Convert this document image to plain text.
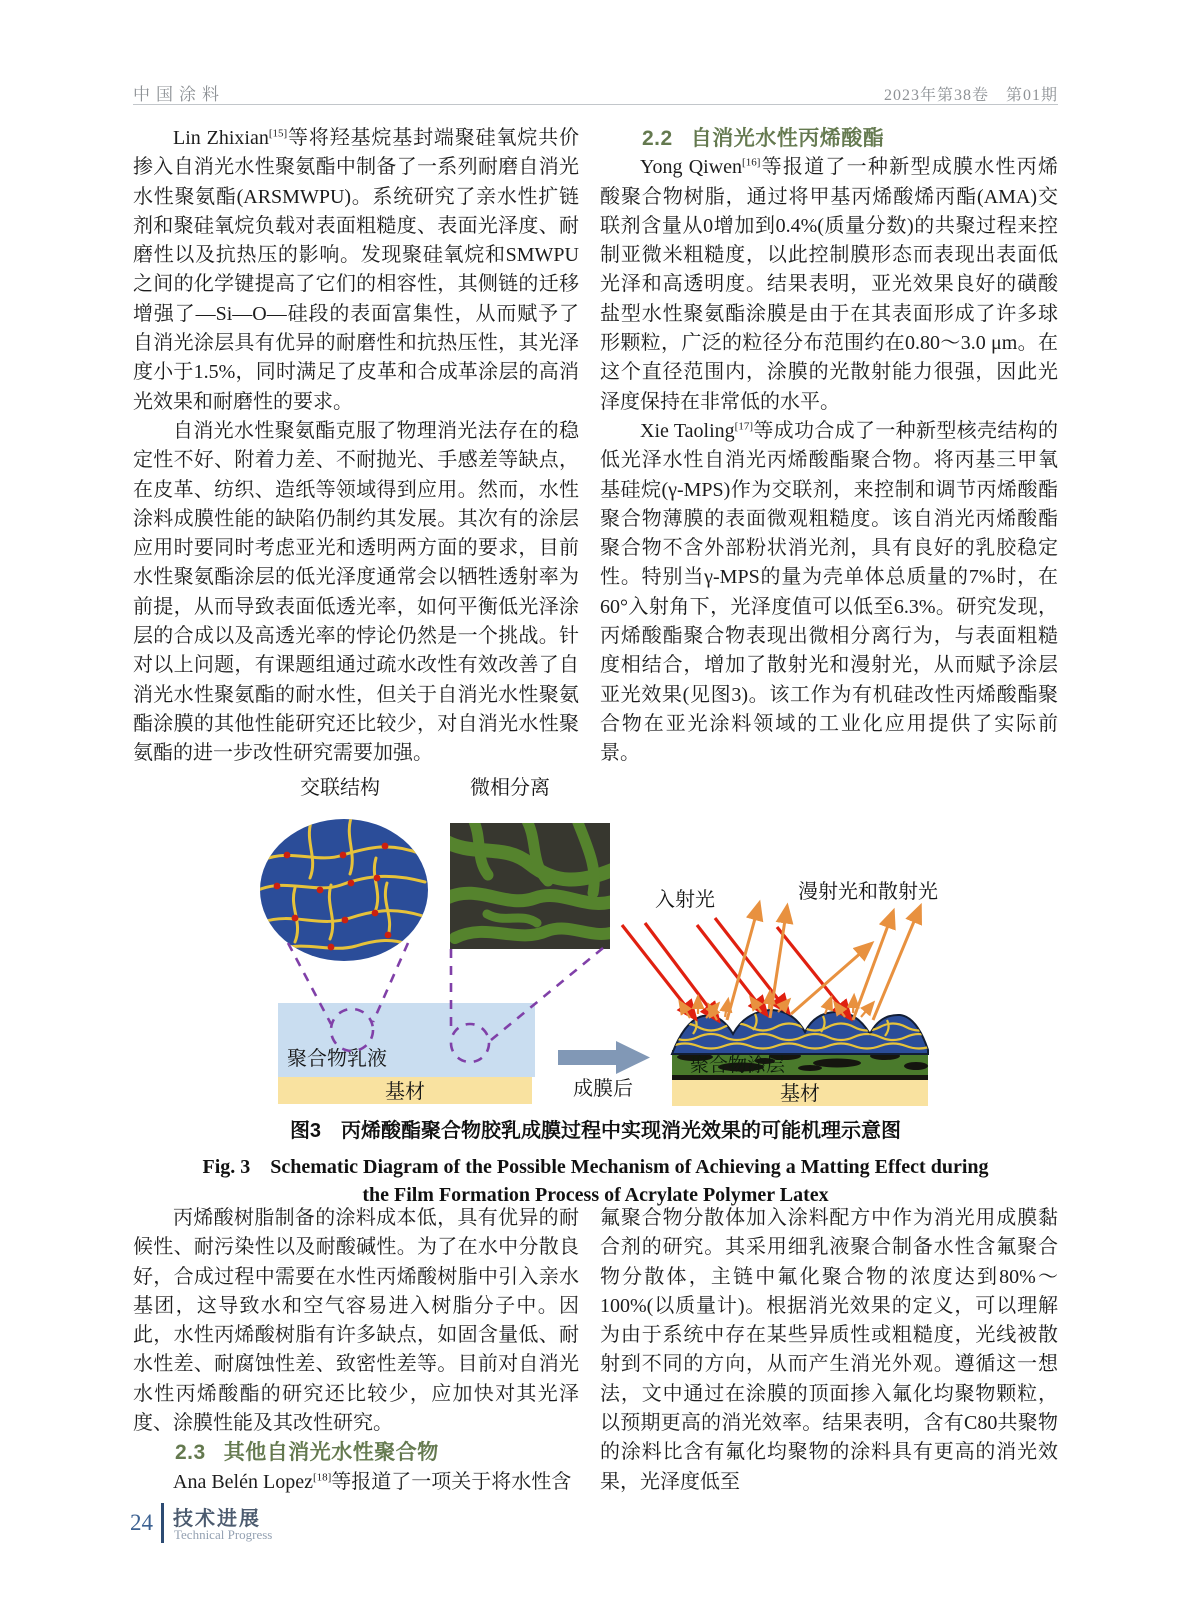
中国涂料	2023年第38卷　第01期

Lin Zhixian[15]等将羟基烷基封端聚硅氧烷共价掺入自消光水性聚氨酯中制备了一系列耐磨自消光水性聚氨酯(ARSMWPU)。系统研究了亲水性扩链剂和聚硅氧烷负载对表面粗糙度、表面光泽度、耐磨性以及抗热压的影响。发现聚硅氧烷和SMWPU之间的化学键提高了它们的相容性，其侧链的迁移增强了—Si—O—硅段的表面富集性，从而赋予了自消光涂层具有优异的耐磨性和抗热压性，其光泽度小于1.5%，同时满足了皮革和合成革涂层的高消光效果和耐磨性的要求。

自消光水性聚氨酯克服了物理消光法存在的稳定性不好、附着力差、不耐抛光、手感差等缺点，在皮革、纺织、造纸等领域得到应用。然而，水性涂料成膜性能的缺陷仍制约其发展。其次有的涂层应用时要同时考虑亚光和透明两方面的要求，目前水性聚氨酯涂层的低光泽度通常会以牺牲透射率为前提，从而导致表面低透光率，如何平衡低光泽涂层的合成以及高透光率的悖论仍然是一个挑战。针对以上问题，有课题组通过疏水改性有效改善了自消光水性聚氨酯的耐水性，但关于自消光水性聚氨酯涂膜的其他性能研究还比较少，对自消光水性聚氨酯的进一步改性研究需要加强。

2.2 自消光水性丙烯酸酯

Yong Qiwen[16]等报道了一种新型成膜水性丙烯酸聚合物树脂，通过将甲基丙烯酸烯丙酯(AMA)交联剂含量从0增加到0.4%(质量分数)的共聚过程来控制亚微米粗糙度，以此控制膜形态而表现出表面低光泽和高透明度。结果表明，亚光效果良好的磺酸盐型水性聚氨酯涂膜是由于在其表面形成了许多球形颗粒，广泛的粒径分布范围约在0.80～3.0 μm。在这个直径范围内，涂膜的光散射能力很强，因此光泽度保持在非常低的水平。

Xie Taoling[17]等成功合成了一种新型核壳结构的低光泽水性自消光丙烯酸酯聚合物。将丙基三甲氧基硅烷(γ-MPS)作为交联剂，来控制和调节丙烯酸酯聚合物薄膜的表面微观粗糙度。该自消光丙烯酸酯聚合物不含外部粉状消光剂，具有良好的乳胶稳定性。特别当γ-MPS的量为壳单体总质量的7%时，在60°入射角下，光泽度值可以低至6.3%。研究发现，丙烯酸酯聚合物表现出微相分离行为，与表面粗糙度相结合，增加了散射光和漫射光，从而赋予涂层亚光效果(见图3)。该工作为有机硅改性丙烯酸酯聚合物在亚光涂料领域的工业化应用提供了实际前景。

交联结构	微相分离
聚合物乳液
基材	成膜后
聚合物涂层
基材
入射光	漫射光和散射光

图3　丙烯酸酯聚合物胶乳成膜过程中实现消光效果的可能机理示意图

Fig. 3　Schematic Diagram of the Possible Mechanism of Achieving a Matting Effect during

the Film Formation Process of Acrylate Polymer Latex

丙烯酸树脂制备的涂料成本低，具有优异的耐候性、耐污染性以及耐酸碱性。为了在水中分散良好，合成过程中需要在水性丙烯酸树脂中引入亲水基团，这导致水和空气容易进入树脂分子中。因此，水性丙烯酸树脂有许多缺点，如固含量低、耐水性差、耐腐蚀性差、致密性差等。目前对自消光水性丙烯酸酯的研究还比较少，应加快对其光泽度、涂膜性能及其改性研究。

2.3 其他自消光水性聚合物

Ana Belén Lopez[18]等报道了一项关于将水性含

氟聚合物分散体加入涂料配方中作为消光用成膜黏合剂的研究。其采用细乳液聚合制备水性含氟聚合物分散体，主链中氟化聚合物的浓度达到80%～100%(以质量计)。根据消光效果的定义，可以理解为由于系统中存在某些异质性或粗糙度，光线被散射到不同的方向，从而产生消光外观。遵循这一想法，文中通过在涂膜的顶面掺入氟化均聚物颗粒，以预期更高的消光效率。结果表明，含有C80共聚物的涂料比含有氟化均聚物的涂料具有更高的消光效果，光泽度低至

24 技术进展
Technical Progress
